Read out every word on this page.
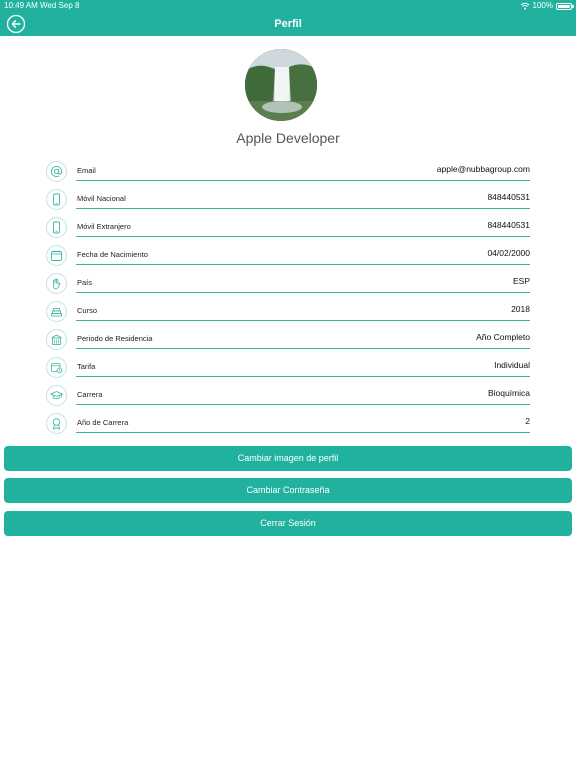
10:49 AM Wed Sep 8	100%
Perfil
Apple Developer
Email	apple@nubbagroup.com
Móvil Nacional	848440531
Móvil Extranjero	848440531
Fecha de Nacimiento	04/02/2000
País	ESP
Curso	2018
Periodo de Residencia	Año Completo
Tarifa	Individual
Carrera	Bioquímica
Año de Carrera	2
Cambiar imagen de perfil
Cambiar Contraseña
Cerrar Sesión
